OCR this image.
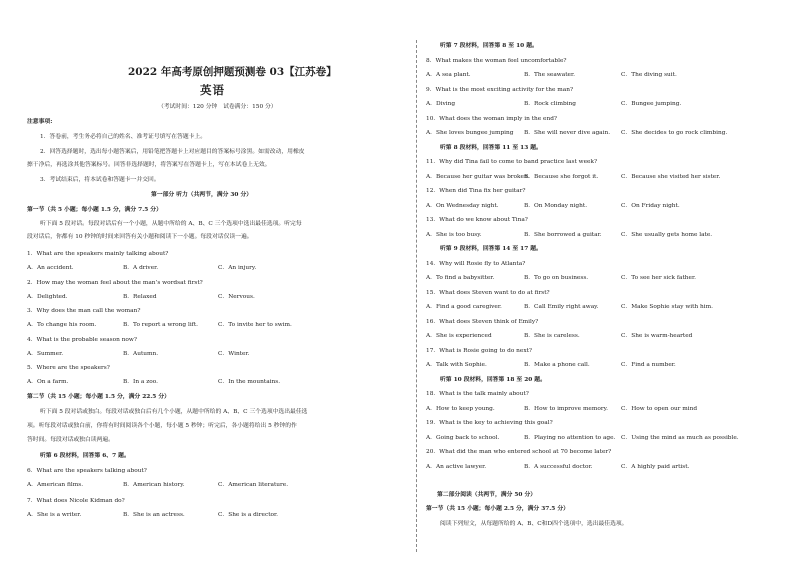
2022 年高考原创押题预测卷 03【江苏卷】
英语
（考试时间：120 分钟　试卷满分：150 分）
注意事项:
1．答卷前，考生务必将自己的姓名、准考证号填写在答题卡上。
2．回答选择题时，选出每小题答案后，用铅笔把答题卡上对应题目的答案标号涂黑。如需改动，用橡皮
擦干净后，再选涂其他答案标号。回答非选择题时，将答案写在答题卡上，写在本试卷上无效。
3．考试结束后，将本试卷和答题卡一并交回。
第一部分 听力（共两节，满分 30 分）
第一节（共 5 小题；每小题 1.5 分，满分 7.5 分）
听下面 5 段对话。每段对话后有一个小题，从题中所给的 A、B、C 三个选项中选出最佳选项。听完每
段对话后，你都有 10 秒钟的时间来回答有关小题和阅读下一小题。每段对话仅读一遍。
第二节（共 15 小题；每小题 1.5 分，满分 22.5 分）
听下面 5 段对话或独白。每段对话或独白后有几个小题，从题中所给的 A、B、C 三个选项中选出最佳选
项。听每段对话或独白前，你将有时间阅读各个小题，每小题 5 秒钟；听完后，各小题将给出 5 秒钟的作
答时间。每段对话或独白读两遍。
听第 6 段材料，回答第 6、7 题。
1．What are the speakers mainly talking about?
A．An accident.	B．A driver.	C．An injury.
2．How may the woman feel about the man’s wordsat first?
A．Delighted.	B．Relaxed	C．Nervous.
3．Why does the man call the woman?
A．To change his room.	B．To report a wrong lift.	C．To invite her to swim.
4．What is the probable season now?
A．Summer.	B．Autumn.	C．Winter.
5．Where are the speakers?
A．On a farm.	B．In a zoo.	C．In the mountains.
6．What are the speakers talking about?
A．American films.	B．American history.	C．American literature.
7．What does Nicole Kidman do?
A．She is a writer.	B．She is an actress.	C．She is a director.
第二部分阅读（共两节，满分 50 分）
第一节（共 15 小题；每小题 2.5 分，满分 37.5 分）
阅读下列短文，从每题所给的 A、B、C和D四个选项中，选出最佳选项。
听第 7 段材料，回答第 8 至 10 题。
8．What makes the woman feel uncomfortable?
A．A sea plant.	B．The seawater.	C．The diving suit.
9．What is the most exciting activity for the man?
A．Diving	B．Rock climbing	C．Bungee jumping.
10．What does the woman imply in the end?
A．She loves bungee jumping B．She will never dive again. C．She decides to go rock climbing.
听第 8 段材料，回答第 11 至 13 题。
11．Why did Tina fail to come to band practice last week?
A．Because her guitar was broken.
B．Because she forgot it.	C．Because she visited her sister.
12．When did Tina fix her guitar?
A．On Wednesday night.	B．On Monday night.	C．On Friday night.
13．What do we know about Tina?
A．She is too busy.	B．She borrowed a guitar.	C．She usually gets home late.
听第 9 段材料，回答第 14 至 17 题。
14．Why will Rosie fly to Atlanta?
A．To find a babysitter.	B．To go on business.	C．To see her sick father.
15．What does Steven want to do at first?
A．Find a good caregiver.	B．Call Emily right away.	C．Make Sophie stay with him.
16．What does Steven think of Emily?
A．She is experienced	B．She is careless.	C．She is warm-hearted
17．What is Rosie going to do next?
A．Talk with Sophie.	B．Make a phone call.	C．Find a number.
听第 10 段材料，回答第 18 至 20 题。
18．What is the talk mainly about?
A．How to keep young.	B．How to improve memory. C．How to open our mind
19．What is the key to achieving this goal?
A．Going back to school.	B．Playing no attention to age. C．Using the mind as much as possible.
20．What did the man who entered school at 70 become later?
A．An active lawyer.	B．A successful doctor.	C．A highly paid artist.
